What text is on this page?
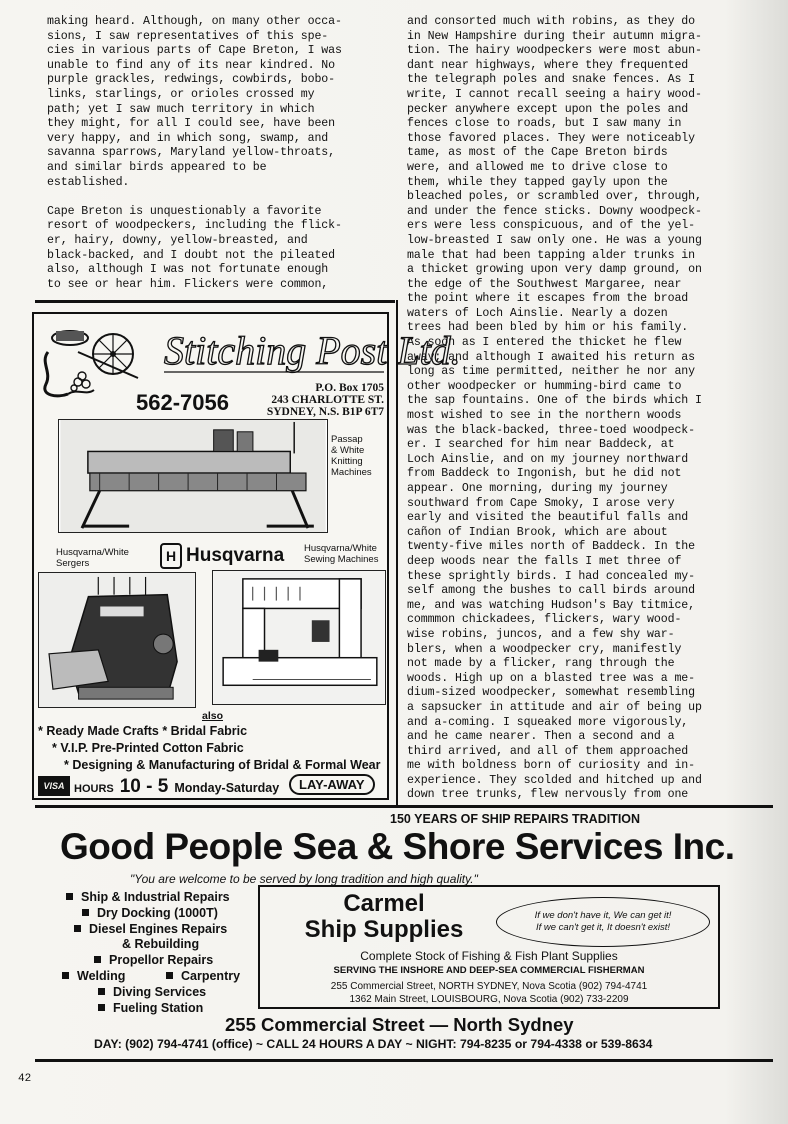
making heard. Although, on many other occa-
sions, I saw representatives of this spe-
cies in various parts of Cape Breton, I was
unable to find any of its near kindred. No
purple grackles, redwings, cowbirds, bobo-
links, starlings, or orioles crossed my
path; yet I saw much territory in which
they might, for all I could see, have been
very happy, and in which song, swamp, and
savanna sparrows, Maryland yellow-throats,
and similar birds appeared to be
established.

Cape Breton is unquestionably a favorite
resort of woodpeckers, including the flick-
er, hairy, downy, yellow-breasted, and
black-backed, and I doubt not the pileated
also, although I was not fortunate enough
to see or hear him. Flickers were common,

and consorted much with robins, as they do
in New Hampshire during their autumn migra-
tion. The hairy woodpeckers were most abun-
dant near highways, where they frequented
the telegraph poles and snake fences. As I
write, I cannot recall seeing a hairy wood-
pecker anywhere except upon the poles and
fences close to roads, but I saw many in
those favored places. They were noticeably
tame, as most of the Cape Breton birds
were, and allowed me to drive close to
them, while they tapped gayly upon the
bleached poles, or scrambled over, through,
and under the fence sticks. Downy woodpeck-
ers were less conspicuous, and of the yel-
low-breasted I saw only one. He was a young
male that had been tapping alder trunks in
a thicket growing upon very damp ground, on
the edge of the Southwest Margaree, near
the point where it escapes from the broad
waters of Loch Ainslie. Nearly a dozen
trees had been bled by him or his family.
As soon as I entered the thicket he flew
away; and although I awaited his return as
long as time permitted, neither he nor any
other woodpecker or humming-bird came to
the sap fountains. One of the birds which I
most wished to see in the northern woods
was the black-backed, three-toed woodpeck-
er. I searched for him near Baddeck, at
Loch Ainslie, and on my journey northward
from Baddeck to Ingonish, but he did not
appear. One morning, during my journey
southward from Cape Smoky, I arose very
early and visited the beautiful falls and
cañon of Indian Brook, which are about
twenty-five miles north of Baddeck. In the
deep woods near the falls I met three of
these sprightly birds. I had concealed my-
self among the bushes to call birds around
me, and was watching Hudson's Bay titmice,
commmon chickadees, flickers, wary wood-
wise robins, juncos, and a few shy war-
blers, when a woodpecker cry, manifestly
not made by a flicker, rang through the
woods. High up on a blasted tree was a me-
dium-sized woodpecker, somewhat resembling
a sapsucker in attitude and air of being up
and a-coming. I squeaked more vigorously,
and he came nearer. Then a second and a
third arrived, and all of them approached
me with boldness born of curiosity and in-
experience. They scolded and hitched up and
down tree trunks, flew nervously from one

Stitching Post Ltd.
562-7056
P.O. Box 1705
243 CHARLOTTE ST.
SYDNEY, N.S. B1P 6T7
Passap
& White
Knitting
Machines
Husqvarna/White
Sergers	H Husqvarna Husqvarna/White
Sewing Machines
also
* Ready Made Crafts * Bridal Fabric
* V.I.P. Pre-Printed Cotton Fabric
* Designing & Manufacturing of Bridal & Formal Wear
VISA HOURS 10 - 5 Monday-Saturday	LAY-AWAY
150 YEARS OF SHIP REPAIRS TRADITION
Good People Sea & Shore Services Inc.
"You are welcome to be served by long tradition and high quality."
Ship & Industrial Repairs
Dry Docking (1000T)
Diesel Engines Repairs
& Rebuilding
Propellor Repairs
Welding	Carpentry
Diving Services
Fueling Station
Carmel
Ship Supplies
If we don't have it, We can get it!
If we can't get it, It doesn't exist!
Complete Stock of Fishing & Fish Plant Supplies
SERVING THE INSHORE AND DEEP-SEA COMMERCIAL FISHERMAN
255 Commercial Street, NORTH SYDNEY, Nova Scotia (902) 794-4741
1362 Main Street, LOUISBOURG, Nova Scotia (902) 733-2209
255 Commercial Street — North Sydney
DAY: (902) 794-4741 (office) ~ CALL 24 HOURS A DAY ~ NIGHT: 794-8235 or 794-4338 or 539-8634
42
